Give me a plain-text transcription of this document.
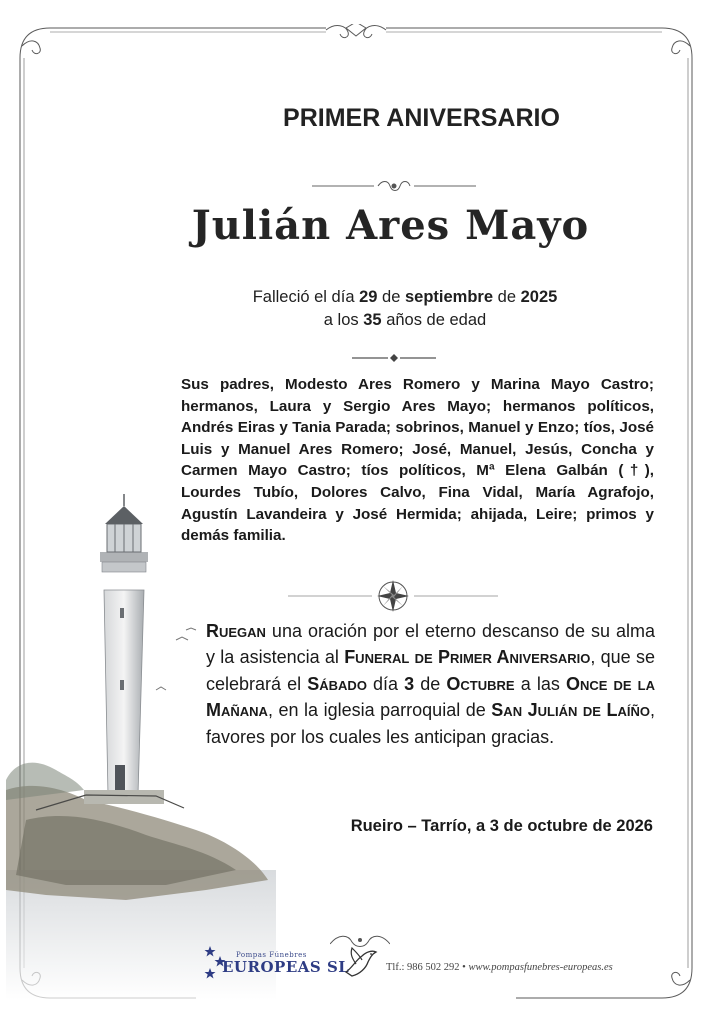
PRIMER ANIVERSARIO
Julián Ares Mayo
Falleció el día 29 de septiembre de 2025
a los 35 años de edad
Sus padres, Modesto Ares Romero y Marina Mayo Castro; hermanos, Laura y Sergio Ares Mayo; hermanos políticos, Andrés Eiras y Tania Parada; sobrinos, Manuel y Enzo; tíos, José Luis y Manuel Ares Romero; José, Manuel, Jesús, Concha y Carmen Mayo Castro; tíos políticos, Mª Elena Galbán (†), Lourdes Tubío, Dolores Calvo, Fina Vidal, María Agrafojo, Agustín Lavandeira y José Hermida; ahijada, Leire; primos y demás familia.
Ruegan una oración por el eterno descanso de su alma y la asistencia al Funeral de Primer Aniversario, que se celebrará el Sábado día 3 de Octubre a las Once de la Mañana, en la iglesia parroquial de San Julián de Laíño, favores por los cuales les anticipan gracias.
Rueiro – Tarrío, a 3 de octubre de 2026
Pompas Fúnebres
EUROPEAS SL	Tlf.: 986 502 292 • www.pompasfunebres-europeas.es
